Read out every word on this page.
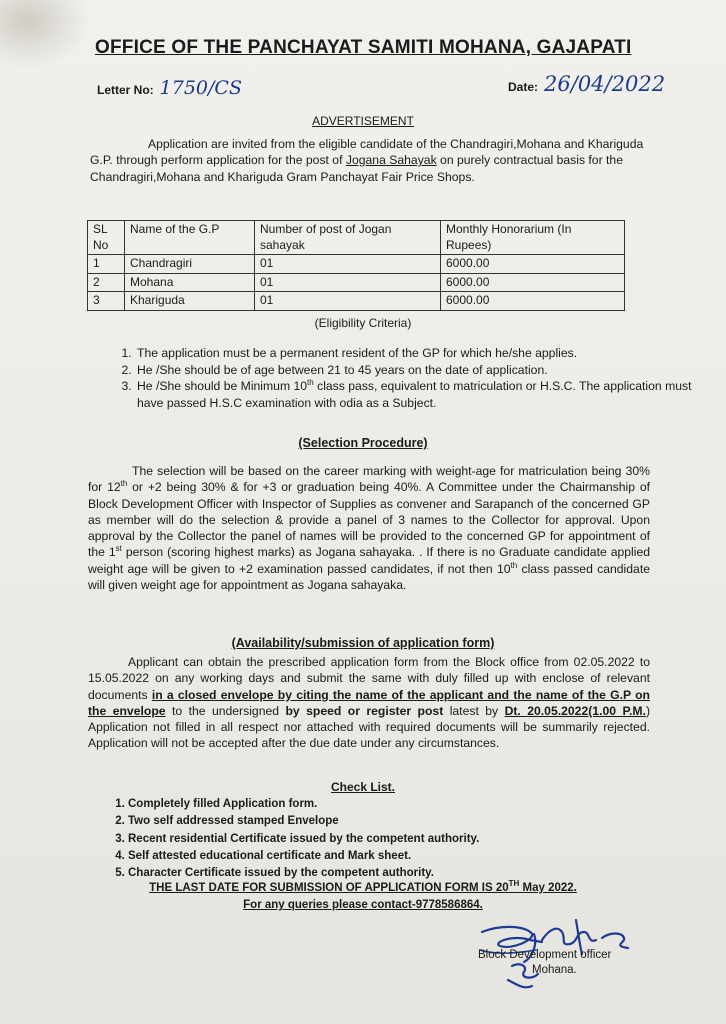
OFFICE OF THE PANCHAYAT SAMITI MOHANA, GAJAPATI
Letter No: 1750/CS	Date: 26/04/2022
ADVERTISEMENT
Application are invited from the eligible candidate of the Chandragiri,Mohana and Khariguda G.P. through perform application for the post of Jogana Sahayak on purely contractual basis for the Chandragiri,Mohana and Khariguda Gram Panchayat Fair Price Shops.
SL No	Name of the G.P	Number of post of Jogan sahayak	Monthly Honorarium (In Rupees)
1	Chandragiri	01	6000.00
2	Mohana	01	6000.00
3	Khariguda	01	6000.00
(Eligibility Criteria)
1. The application must be a permanent resident of the GP for which he/she applies.
2. He /She should be of age between 21 to 45 years on the date of application.
3. He /She should be Minimum 10th class pass, equivalent to matriculation or H.S.C. The application must have passed H.S.C examination with odia as a Subject.
(Selection Procedure)
The selection will be based on the career marking with weight-age for matriculation being 30% for 12th or +2 being 30% & for +3 or graduation being 40%. A Committee under the Chairmanship of Block Development Officer with Inspector of Supplies as convener and Sarapanch of the concerned GP as member will do the selection & provide a panel of 3 names to the Collector for approval. Upon approval by the Collector the panel of names will be provided to the concerned GP for appointment of the 1st person (scoring highest marks) as Jogana sahayaka. . If there is no Graduate candidate applied weight age will be given to +2 examination passed candidates, if not then 10th class passed candidate will given weight age for appointment as Jogana sahayaka.
(Availability/submission of application form)
Applicant can obtain the prescribed application form from the Block office from 02.05.2022 to 15.05.2022 on any working days and submit the same with duly filled up with enclose of relevant documents in a closed envelope by citing the name of the applicant and the name of the G.P on the envelope to the undersigned by speed or register post latest by Dt. 20.05.2022(1.00 P.M.) Application not filled in all respect nor attached with required documents will be summarily rejected. Application will not be accepted after the due date under any circumstances.
Check List.
1. Completely filled Application form.
2. Two self addressed stamped Envelope
3. Recent residential Certificate issued by the competent authority.
4. Self attested educational certificate and Mark sheet.
5. Character Certificate issued by the competent authority.
THE LAST DATE FOR SUBMISSION OF APPLICATION FORM IS 20TH May 2022.
For any queries please contact-9778586864.
Block Development officer
Mohana.
